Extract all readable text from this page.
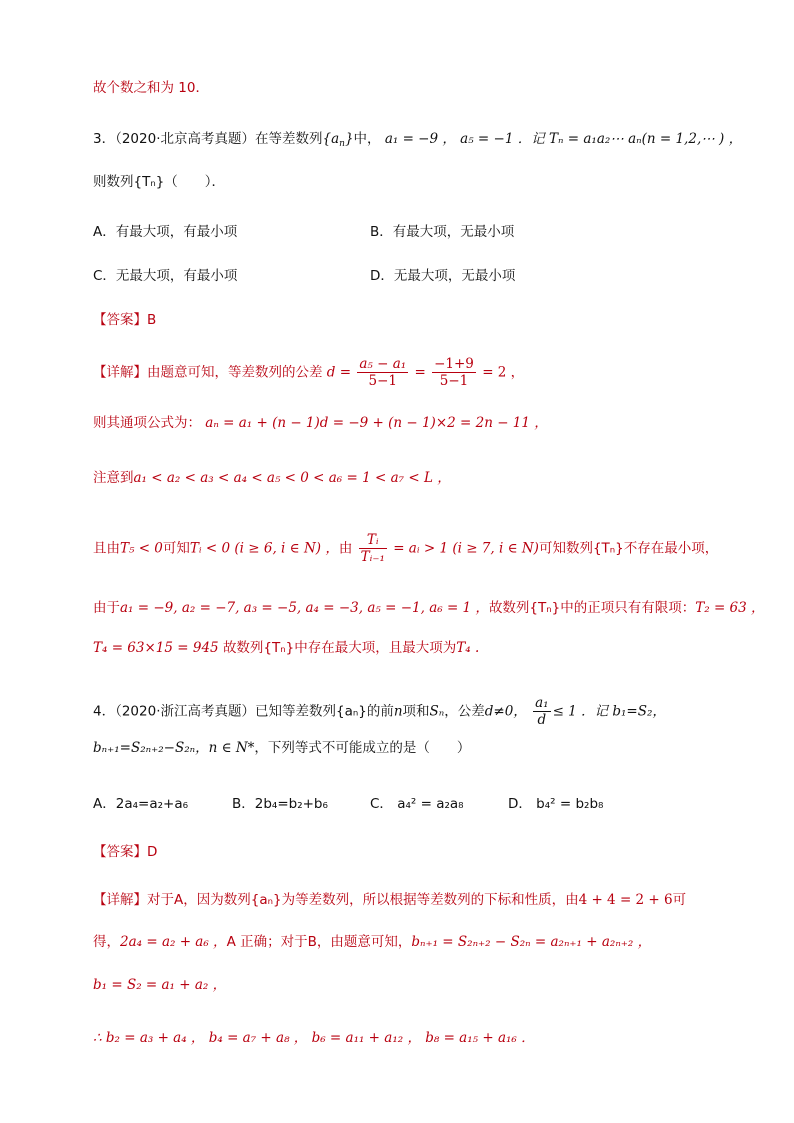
故个数之和为 10．
3．（2020·北京高考真题）在等差数列$\{a_n\}$中， a₁ = −9 ， a₅ = −1 ．记 Tₙ = a₁a₂⋯ aₙ(n = 1,2,⋯ ) ，
则数列{Tₙ}（　　）．
A．有最大项，有最小项	B．有最大项，无最小项
C．无最大项，有最小项	D．无最大项，无最小项
【答案】B
【详解】由题意可知，等差数列的公差 $d = \frac{\text{a₅ − a₁}}{5-1} = \frac{-1+9}{5-1} = 2$ ，
则其通项公式为： aₙ = a₁ + (n − 1)d = −9 + (n − 1)×2 = 2n − 11 ，
注意到a₁ < a₂ < a₃ < a₄ < a₅ < 0 < a₆ = 1 < a₇ < L ，
且由T₅ < 0可知Tᵢ < 0 (i ≥ 6, i ∈ N) ，由 $\frac{\text{Tᵢ}}{\text{Tᵢ₋₁}}$ = aᵢ > 1 (i ≥ 7, i ∈ N)可知数列{Tₙ}不存在最小项，
由于a₁ = −9, a₂ = −7, a₃ = −5, a₄ = −3, a₅ = −1, a₆ = 1 ，故数列{Tₙ}中的正项只有有限项：T₂ = 63 ，
T₄ = 63×15 = 945 故数列{Tₙ}中存在最大项，且最大项为T₄ .
4．（2020·浙江高考真题）已知等差数列{aₙ}的前n项和Sₙ，公差d≠0， $\frac{\text{a₁}}{d} \le 1$ ．记 b₁=S₂，
bₙ₊₁=S₂ₙ₊₂−S₂ₙ，n ∈ N*，下列等式不可能成立的是（　　）
A．2a₄=a₂+a₆	B．2b₄=b₂+b₆	C． a₄² = a₂a₈	D． b₄² = b₂b₈
【答案】D
【详解】对于A，因为数列{aₙ}为等差数列，所以根据等差数列的下标和性质，由4 + 4 = 2 + 6可
得，2a₄ = a₂ + a₆ ，A 正确；对于B，由题意可知，bₙ₊₁ = S₂ₙ₊₂ − S₂ₙ = a₂ₙ₊₁ + a₂ₙ₊₂ ，
b₁ = S₂ = a₁ + a₂ ，
∴ b₂ = a₃ + a₄ ， b₄ = a₇ + a₈ ， b₆ = a₁₁ + a₁₂ ， b₈ = a₁₅ + a₁₆ ．
